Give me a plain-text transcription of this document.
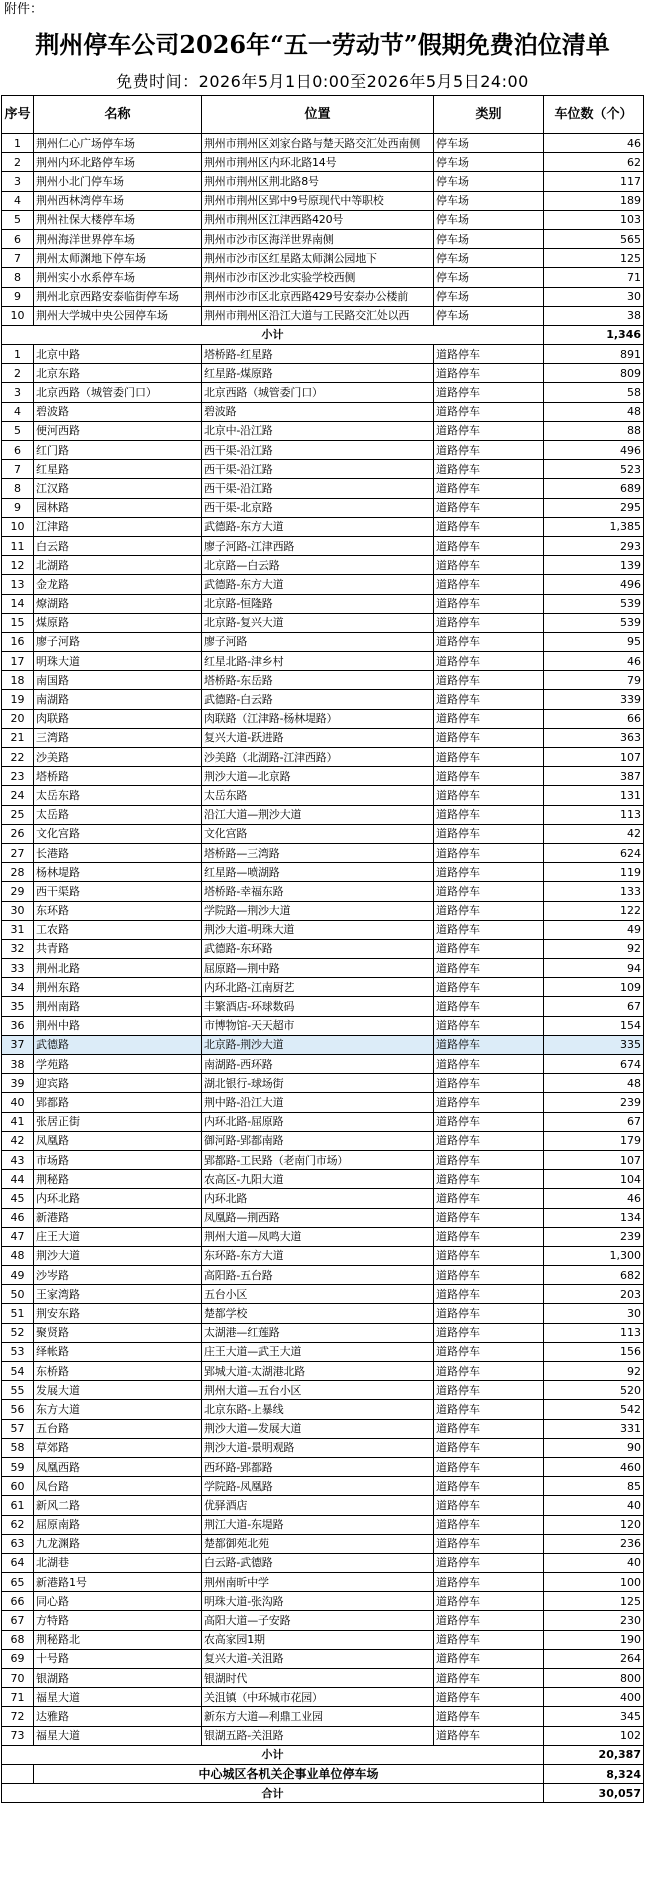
附件：
荆州停车公司2026年“五一劳动节”假期免费泊位清单
免费时间：2026年5月1日0:00至2026年5月5日24:00
序号	名称	位置	类别	车位数（个）
1	荆州仁心广场停车场	荆州市荆州区刘家台路与楚天路交汇处西南侧	停车场	46
2	荆州内环北路停车场	荆州市荆州区内环北路14号	停车场	62
3	荆州小北门停车场	荆州市荆州区荆北路8号	停车场	117
4	荆州西林湾停车场	荆州市荆州区郢中9号原现代中等职校	停车场	189
5	荆州社保大楼停车场	荆州市荆州区江津西路420号	停车场	103
6	荆州海洋世界停车场	荆州市沙市区海洋世界南侧	停车场	565
7	荆州太师渊地下停车场	荆州市沙市区红星路太师渊公园地下	停车场	125
8	荆州实小水系停车场	荆州市沙市区沙北实验学校西侧	停车场	71
9	荆州北京西路安泰临街停车场	荆州市沙市区北京西路429号安泰办公楼前	停车场	30
10	荆州大学城中央公园停车场	荆州市荆州区沿江大道与工民路交汇处以西	停车场	38
小计				1,346
1	北京中路	塔桥路-红星路	道路停车	891
2	北京东路	红星路-煤原路	道路停车	809
3	北京西路（城管委门口）	北京西路（城管委门口）	道路停车	58
4	碧波路	碧波路	道路停车	48
5	便河西路	北京中-沿江路	道路停车	88
6	红门路	西干渠-沿江路	道路停车	496
7	红星路	西干渠-沿江路	道路停车	523
8	江汉路	西干渠-沿江路	道路停车	689
9	园林路	西干渠-北京路	道路停车	295
10	江津路	武德路-东方大道	道路停车	1,385
11	白云路	廖子河路-江津西路	道路停车	293
12	北湖路	北京路—白云路	道路停车	139
13	金龙路	武德路-东方大道	道路停车	496
14	燎湖路	北京路-恒隆路	道路停车	539
15	煤原路	北京路-复兴大道	道路停车	539
16	廖子河路	廖子河路	道路停车	95
17	明珠大道	红星北路-津乡村	道路停车	46
18	南国路	塔桥路-东岳路	道路停车	79
19	南湖路	武德路-白云路	道路停车	339
20	肉联路	肉联路（江津路-杨林堤路）	道路停车	66
21	三湾路	复兴大道-跃进路	道路停车	363
22	沙美路	沙美路（北湖路-江津西路）	道路停车	107
23	塔桥路	荆沙大道—北京路	道路停车	387
24	太岳东路	太岳东路	道路停车	131
25	太岳路	沿江大道—荆沙大道	道路停车	113
26	文化宫路	文化宫路	道路停车	42
27	长港路	塔桥路—三湾路	道路停车	624
28	杨林堤路	红星路—喷湖路	道路停车	119
29	西干渠路	塔桥路-幸福东路	道路停车	133
30	东环路	学院路—荆沙大道	道路停车	122
31	工农路	荆沙大道-明珠大道	道路停车	49
32	共青路	武德路-东环路	道路停车	92
33	荆州北路	屈原路—荆中路	道路停车	94
34	荆州东路	内环北路-江南厨艺	道路停车	109
35	荆州南路	丰繁酒店-环球数码	道路停车	67
36	荆州中路	市博物馆-天天超市	道路停车	154
37	武德路	北京路-荆沙大道	道路停车	335
38	学苑路	南湖路-西环路	道路停车	674
39	迎宾路	湖北银行-球场街	道路停车	48
40	郢都路	荆中路-沿江大道	道路停车	239
41	张居正街	内环北路-屈原路	道路停车	67
42	凤凰路	御河路-郢都南路	道路停车	179
43	市场路	郢都路-工民路（老南门市场）	道路停车	107
44	荆秘路	农高区-九阳大道	道路停车	104
45	内环北路	内环北路	道路停车	46
46	新港路	凤凰路—荆西路	道路停车	134
47	庄王大道	荆州大道—凤鸣大道	道路停车	239
48	荆沙大道	东环路-东方大道	道路停车	1,300
49	沙岑路	高阳路-五台路	道路停车	682
50	王家湾路	五台小区	道路停车	203
51	荆安东路	楚都学校	道路停车	30
52	聚贤路	太湖港—红莲路	道路停车	113
53	绎帐路	庄王大道—武王大道	道路停车	156
54	东桥路	郢城大道-太湖港北路	道路停车	92
55	发展大道	荆州大道—五台小区	道路停车	520
56	东方大道	北京东路-上暴线	道路停车	542
57	五台路	荆沙大道—发展大道	道路停车	331
58	草郊路	荆沙大道-景明观路	道路停车	90
59	凤凰西路	西环路-郢都路	道路停车	460
60	凤台路	学院路-凤凰路	道路停车	85
61	新风二路	优驿酒店	道路停车	40
62	屈原南路	荆江大道-东堤路	道路停车	120
63	九龙渊路	楚都御苑北苑	道路停车	236
64	北湖巷	白云路-武德路	道路停车	40
65	新港路1号	荆州南昕中学	道路停车	100
66	同心路	明珠大道-张沟路	道路停车	125
67	方特路	高阳大道—子安路	道路停车	230
68	荆秘路北	农高家园1期	道路停车	190
69	十号路	复兴大道-关沮路	道路停车	264
70	银湖路	银湖时代	道路停车	800
71	福星大道	关沮镇（中环城市花园）	道路停车	400
72	达雅路	新东方大道—利鼎工业园	道路停车	345
73	福星大道	银湖五路-关沮路	道路停车	102
小计				20,387
	中心城区各机关企事业单位停车场			8,324
合计				30,057
